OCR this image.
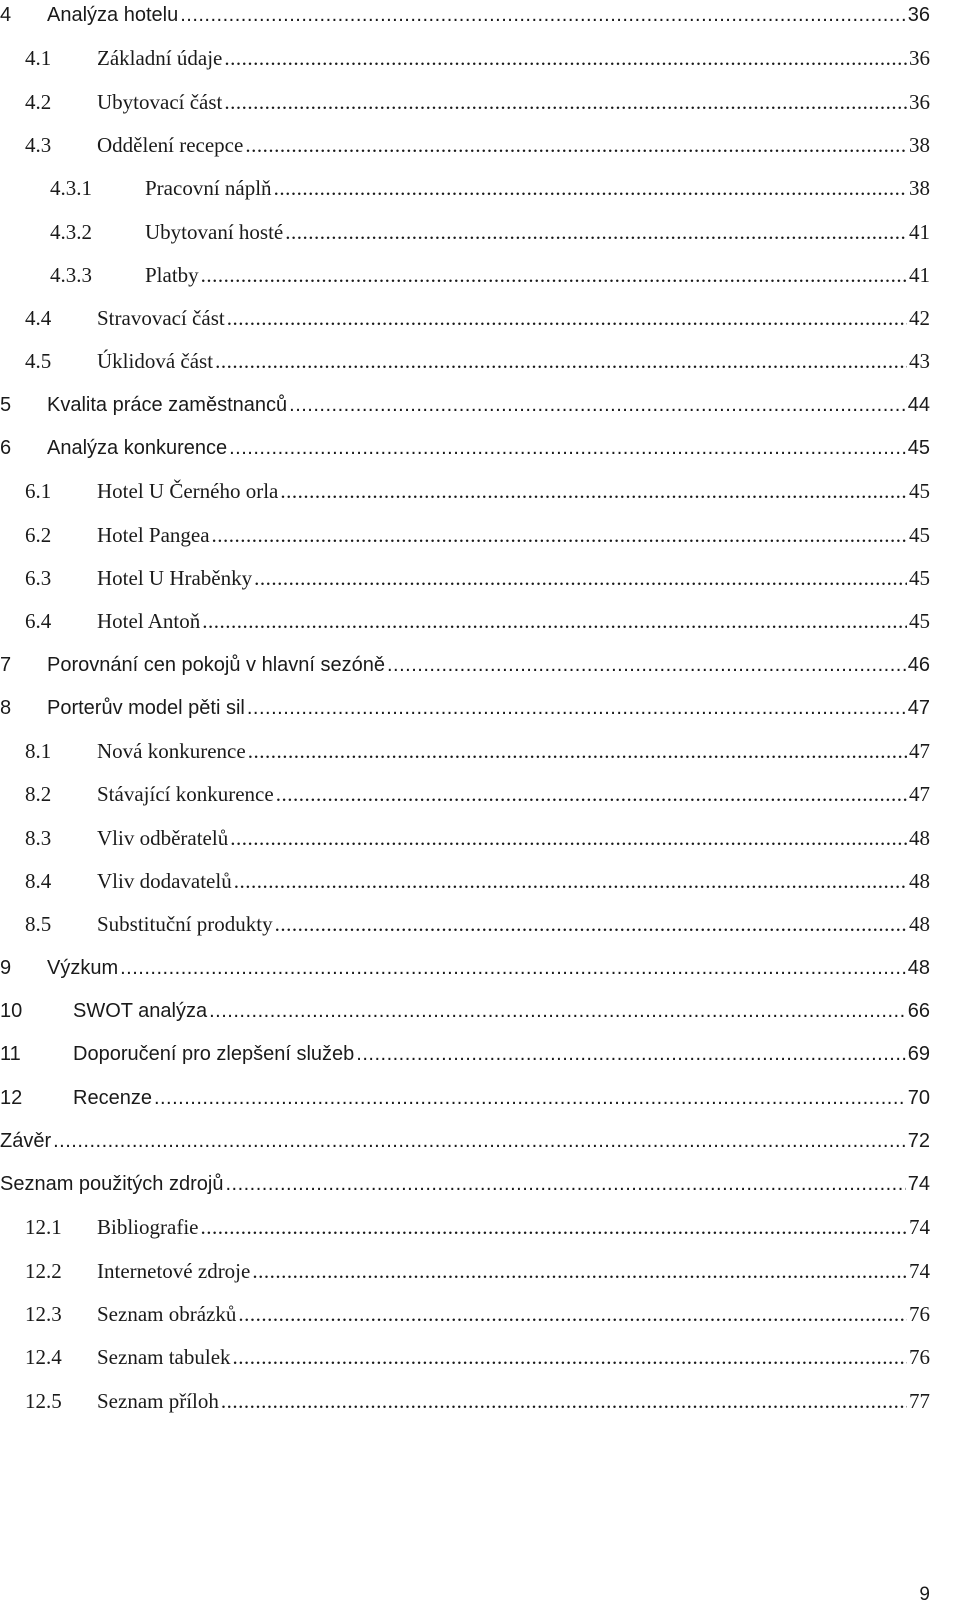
4	Analýza hotelu .....	36
4.1	Základní údaje .....	36
4.2	Ubytovací část .....	36
4.3	Oddělení recepce .....	38
4.3.1	Pracovní náplň .....	38
4.3.2	Ubytovaní hosté .....	41
4.3.3	Platby .....	41
4.4	Stravovací část .....	42
4.5	Úklidová část .....	43
5	Kvalita práce zaměstnanců .....	44
6	Analýza konkurence .....	45
6.1	Hotel U Černého orla .....	45
6.2	Hotel Pangea .....	45
6.3	Hotel U Hraběnky .....	45
6.4	Hotel Antoň .....	45
7	Porovnání cen pokojů v hlavní sezóně .....	46
8	Porterův model pěti sil .....	47
8.1	Nová konkurence .....	47
8.2	Stávající konkurence .....	47
8.3	Vliv odběratelů .....	48
8.4	Vliv dodavatelů .....	48
8.5	Substituční produkty .....	48
9	Výzkum .....	48
10	SWOT analýza .....	66
11	Doporučení pro zlepšení služeb .....	69
12	Recenze .....	70
Závěr .....	72
Seznam použitých zdrojů .....	74
12.1	Bibliografie .....	74
12.2	Internetové zdroje .....	74
12.3	Seznam obrázků .....	76
12.4	Seznam tabulek .....	76
12.5	Seznam příloh .....	77
9
